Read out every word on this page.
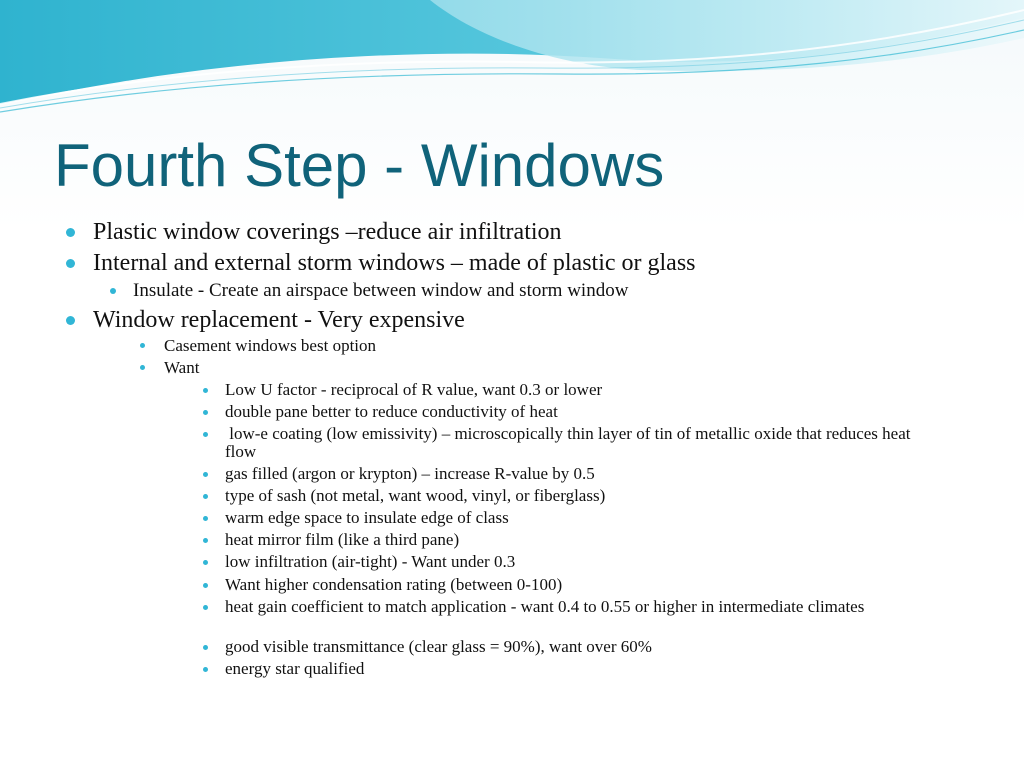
Fourth Step - Windows
Plastic window coverings –reduce air infiltration
Internal and external storm windows – made of plastic or glass
Insulate - Create an airspace between window and storm window
Window replacement - Very expensive
Casement windows best option
Want
Low U factor - reciprocal of R value, want 0.3 or lower
double pane better to reduce conductivity of heat
low-e coating (low emissivity) – microscopically thin layer of tin of metallic oxide that reduces heat flow
gas filled (argon or krypton) – increase R-value by 0.5
type of sash (not metal, want wood, vinyl, or fiberglass)
warm edge space to insulate edge of class
heat mirror film (like a third pane)
low infiltration (air-tight) - Want under 0.3
Want higher condensation rating (between 0-100)
heat gain coefficient to match application - want 0.4 to 0.55 or higher in intermediate climates
good visible transmittance (clear glass = 90%), want over 60%
energy star qualified
